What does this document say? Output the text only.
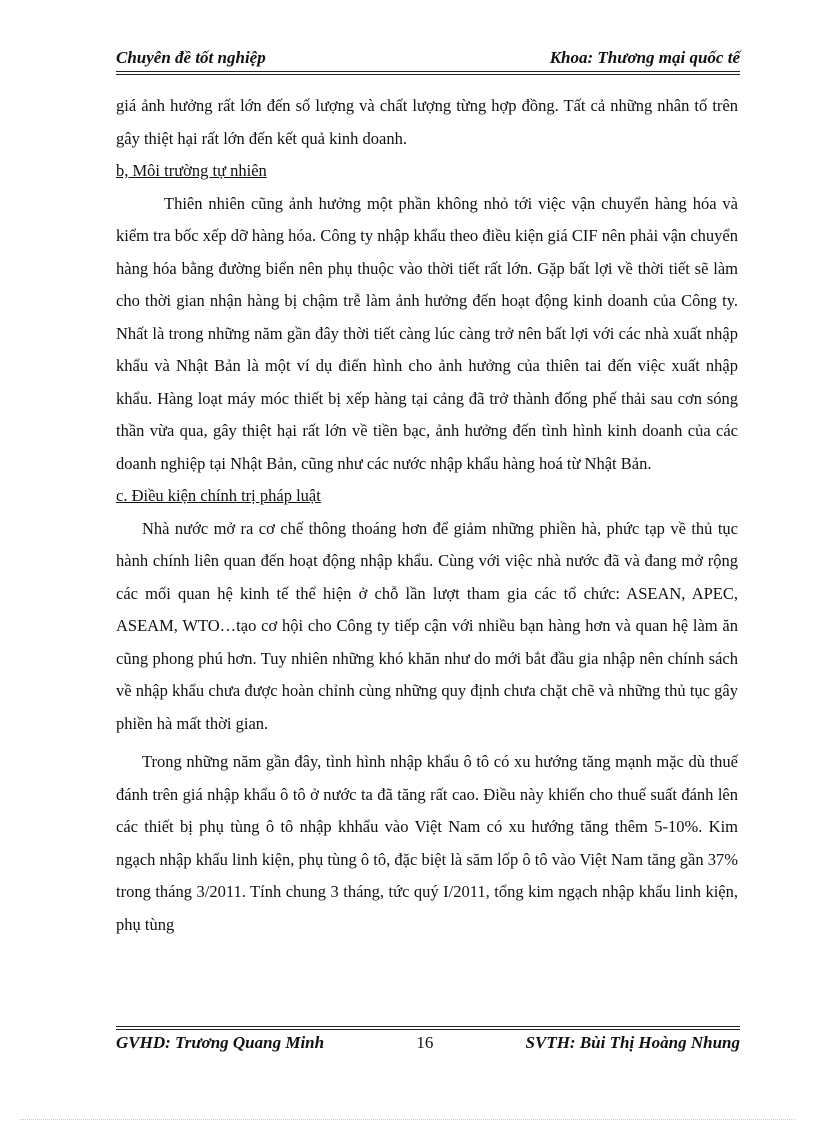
Chuyên đề tốt nghiệp	Khoa: Thương mại quốc tế

giá ảnh hưởng rất lớn đến số lượng và chất lượng từng hợp đồng. Tất cả những nhân tố trên gây thiệt hại rất lớn đến kết quả kinh doanh.

b, Môi trường tự nhiên

Thiên nhiên cũng ảnh hưởng một phần không nhỏ tới việc vận chuyển hàng hóa và kiểm tra bốc xếp dỡ hàng hóa. Công ty nhập khẩu theo điều kiện giá CIF nên phải vận chuyển hàng hóa bằng đường biển nên phụ thuộc vào thời tiết rất lớn. Gặp bất lợi về thời tiết sẽ làm cho thời gian nhận hàng bị chậm trễ làm ảnh hưởng đến hoạt động kinh doanh của Công ty. Nhất là trong những năm gần đây thời tiết càng lúc càng trở nên bất lợi với các nhà xuất nhập khẩu và Nhật Bản là một ví dụ điển hình cho ảnh hưởng của thiên tai đến việc xuất nhập khẩu. Hàng loạt máy móc thiết bị xếp hàng tại cảng đã trở thành đống phế thải sau cơn sóng thần vừa qua, gây thiệt hại rất lớn về tiền bạc, ảnh hưởng đến tình hình kinh doanh của các doanh nghiệp tại Nhật Bản, cũng như các nước nhập khẩu hàng hoá từ Nhật Bản.

c. Điều kiện chính trị pháp luật

Nhà nước mở ra cơ chế thông thoáng hơn để giảm những phiền hà, phức tạp về thủ tục hành chính liên quan đến hoạt động nhập khẩu. Cùng với việc nhà nước đã và đang mở rộng các mối quan hệ kinh tế thể hiện ở chỗ lần lượt tham gia các tổ chức: ASEAN, APEC, ASEAM, WTO…tạo cơ hội cho Công ty tiếp cận với nhiều bạn hàng hơn và quan hệ làm ăn cũng phong phú hơn. Tuy nhiên những khó khăn như do mới bắt đầu gia nhập nên chính sách về nhập khẩu chưa được hoàn chỉnh cùng những quy định chưa chặt chẽ và những thủ tục gây phiền hà mất thời gian.

Trong những năm gần đây, tình hình nhập khẩu ô tô có xu hướng tăng mạnh mặc dù thuế đánh trên giá nhập khẩu ô tô ở nước ta đã tăng rất cao. Điều này khiến cho thuế suất đánh lên các thiết bị phụ tùng ô tô nhập khhẩu vào Việt Nam có xu hướng tăng thêm 5-10%. Kim ngạch nhập khẩu linh kiện, phụ tùng ô tô, đặc biệt là săm lốp ô tô vào Việt Nam tăng gần 37% trong tháng 3/2011. Tính chung 3 tháng, tức quý I/2011, tổng kim ngạch nhập khẩu linh kiện, phụ tùng

GVHD: Trương Quang Minh	16	SVTH: Bùi Thị Hoàng Nhung
